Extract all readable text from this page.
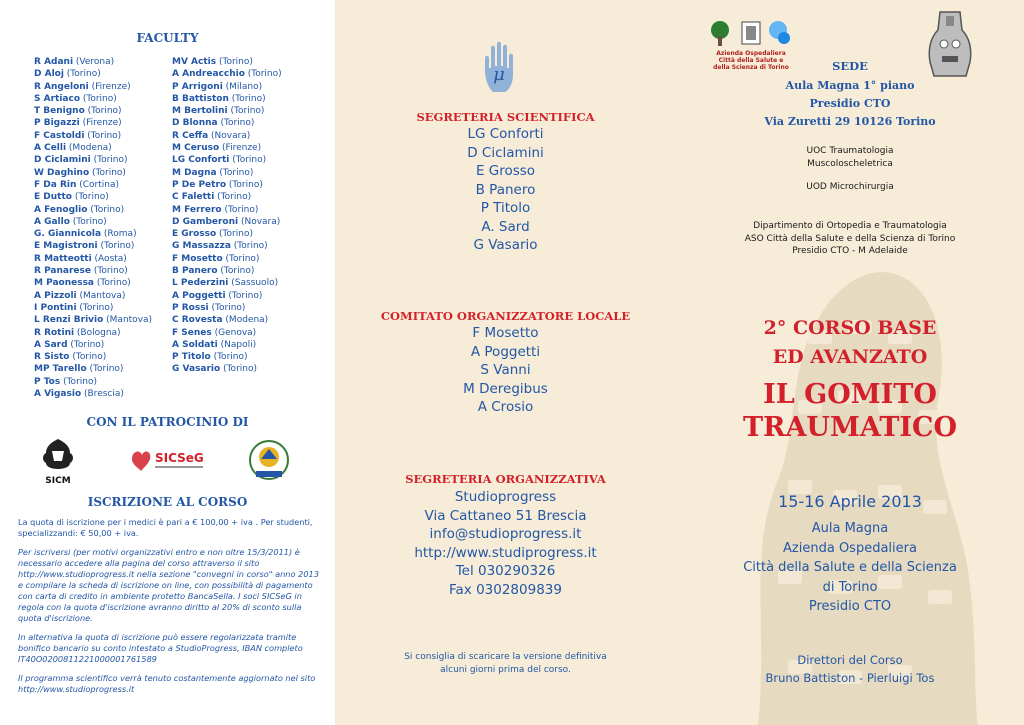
FACULTY
R Adani (Verona)
D Aloj (Torino)
R Angeloni (Firenze)
S Artiaco (Torino)
T Benigno (Torino)
P Bigazzi (Firenze)
F Castoldi (Torino)
A Celli (Modena)
D Ciclamini (Torino)
W Daghino (Torino)
F Da Rin (Cortina)
E Dutto (Torino)
A Fenoglio (Torino)
A Gallo (Torino)
G. Giannicola (Roma)
E Magistroni (Torino)
R Matteotti (Aosta)
R Panarese (Torino)
M Paonessa (Torino)
A Pizzoli (Mantova)
I Pontini (Torino)
L Renzi Brivio (Mantova)
R Rotini (Bologna)
A Sard (Torino)
R Sisto (Torino)
MP Tarello (Torino)
P Tos (Torino)
A Vigasio (Brescia)
MV Actis (Torino)
A Andreacchio (Torino)
P Arrigoni (Milano)
B Battiston (Torino)
M Bertolini (Torino)
D Blonna (Torino)
R Ceffa (Novara)
M Ceruso (Firenze)
LG Conforti (Torino)
M Dagna (Torino)
P De Petro (Torino)
C Faletti (Torino)
M Ferrero (Torino)
D Gamberoni (Novara)
E Grosso (Torino)
G Massazza (Torino)
F Mosetto (Torino)
B Panero (Torino)
L Pederzini (Sassuolo)
A Poggetti (Torino)
P Rossi (Torino)
C Rovesta (Modena)
F Senes (Genova)
A Soldati (Napoli)
P Titolo (Torino)
G Vasario (Torino)
CON IL PATROCINIO DI
SICM
SICSeG
ISCRIZIONE AL CORSO

La quota di iscrizione per i medici è pari a € 100,00 + iva . Per studenti, specializzandi: € 50,00 + iva.

Per iscriversi (per motivi organizzativi entro e non oltre 15/3/2011) è necessario accedere alla pagina del corso attraverso il sito http://www.studioprogress.it nella sezione "convegni in corso" anno 2013 e compilare la scheda di iscrizione on line, con possibilità di pagamento con carta di credito in ambiente protetto BancaSella. I soci SICSeG in regola con la quota d'iscrizione avranno diritto al 20% di sconto sulla quota d'iscrizione.

In alternativa la quota di iscrizione può essere regolarizzata tramite bonifico bancario su conto intestato a StudioProgress, IBAN completo IT40O0200811221000001761589

Il programma scientifico verrà tenuto costantemente aggiornato nel sito http://www.studioprogress.it

μ
SEGRETERIA SCIENTIFICA
LG Conforti
D Ciclamini
E Grosso
B Panero
P Titolo
A. Sard
G Vasario
COMITATO ORGANIZZATORE LOCALE
F Mosetto
A Poggetti
S Vanni
M Deregibus
A Crosio
SEGRETERIA ORGANIZZATIVA
Studioprogress
Via Cattaneo 51 Brescia
info@studioprogress.it
http://www.studiprogress.it
Tel 030290326
Fax 0302809839
Si consiglia di scaricare la versione definitiva
alcuni giorni prima del corso.
Azienda Ospedaliera
Città della Salute e
della Scienza di Torino	SEDE
Aula Magna 1° piano
Presidio CTO
Via Zuretti 29 10126 Torino
UOC Traumatologia
Muscoloscheletrica
UOD Microchirurgia
Dipartimento di Ortopedia e Traumatologia
ASO Città della Salute e della Scienza di Torino
Presidio CTO - M Adelaide
2° CORSO BASE
ED AVANZATO
IL GOMITO
TRAUMATICO
15-16 Aprile 2013
Aula Magna
Azienda Ospedaliera
Città della Salute e della Scienza
di Torino
Presidio CTO
Direttori del Corso
Bruno Battiston - Pierluigi Tos
